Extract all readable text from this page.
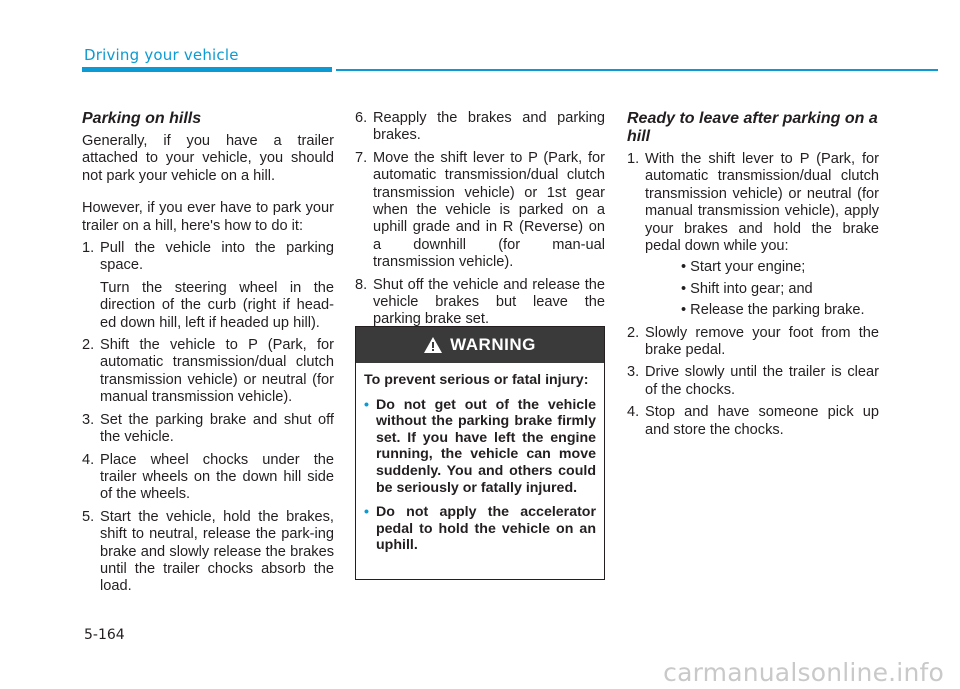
Driving your vehicle
Parking on hills
Generally, if you have a trailer attached to your vehicle, you should not park your vehicle on a hill.
However, if you ever have to park your trailer on a hill, here's how to do it:
1. Pull the vehicle into the parking space.
Turn the steering wheel in the direction of the curb (right if head-ed down hill, left if headed up hill).
2. Shift the vehicle to P (Park, for automatic transmission/dual clutch transmission vehicle) or neutral (for manual transmission vehicle).
3. Set the parking brake and shut off the vehicle.
4. Place wheel chocks under the trailer wheels on the down hill side of the wheels.
5. Start the vehicle, hold the brakes, shift to neutral, release the park-ing brake and slowly release the brakes until the trailer chocks absorb the load.
6. Reapply the brakes and parking brakes.
7. Move the shift lever to P (Park, for automatic transmission/dual clutch transmission vehicle) or 1st gear when the vehicle is parked on a uphill grade and in R (Reverse) on a downhill (for man-ual transmission vehicle).
8. Shut off the vehicle and release the vehicle brakes but leave the parking brake set.
WARNING
To prevent serious or fatal injury:
• Do not get out of the vehicle without the parking brake firmly set. If you have left the engine running, the vehicle can move suddenly. You and others could be seriously or fatally injured.
• Do not apply the accelerator pedal to hold the vehicle on an uphill.
Ready to leave after parking on a hill
1. With the shift lever to P (Park, for automatic transmission/dual clutch transmission vehicle) or neutral (for manual transmission vehicle), apply your brakes and hold the brake pedal down while you:
• Start your engine;
• Shift into gear; and
• Release the parking brake.
2. Slowly remove your foot from the brake pedal.
3. Drive slowly until the trailer is clear of the chocks.
4. Stop and have someone pick up and store the chocks.
5-164
carmanualsonline.info
